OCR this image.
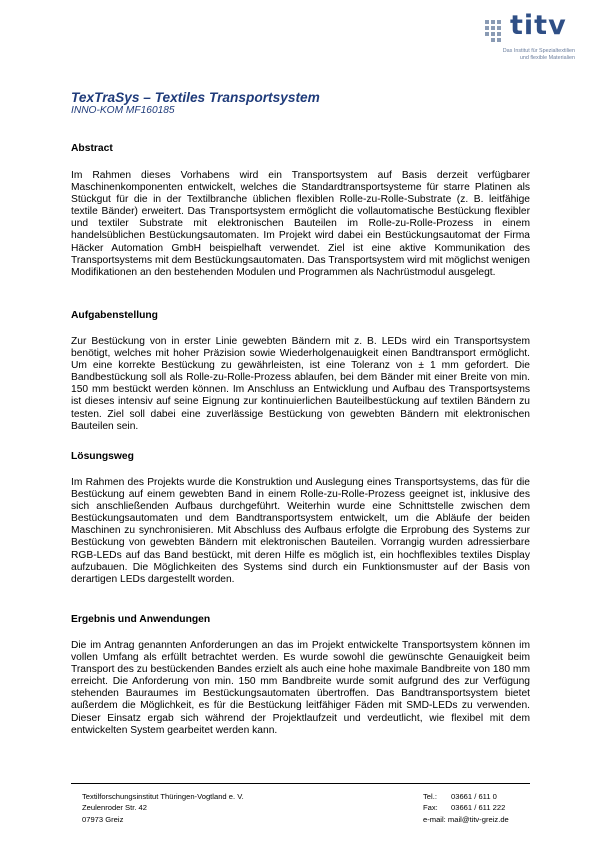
titv
Das Institut für Spezialtextilien
und flexible Materialien
TexTraSys – Textiles Transportsystem
INNO-KOM MF160185
Abstract
Im Rahmen dieses Vorhabens wird ein Transportsystem auf Basis derzeit verfügbarer Maschinenkomponenten entwickelt, welches die Standardtransportsysteme für starre Platinen als Stückgut für die in der Textilbranche üblichen flexiblen Rolle-zu-Rolle-Substrate (z. B. leitfähige textile Bänder) erweitert. Das Transportsystem ermöglicht die vollautomatische Bestückung flexibler und textiler Substrate mit elektronischen Bauteilen im Rolle-zu-Rolle-Prozess in einem handelsüblichen Bestückungsautomaten. Im Projekt wird dabei ein Bestückungsautomat der Firma Häcker Automation GmbH beispielhaft verwendet. Ziel ist eine aktive Kommunikation des Transportsystems mit dem Bestückungsautomaten. Das Transportsystem wird mit möglichst wenigen Modifikationen an den bestehenden Modulen und Programmen als Nachrüstmodul ausgelegt.
Aufgabenstellung
Zur Bestückung von in erster Linie gewebten Bändern mit z. B. LEDs wird ein Transportsystem benötigt, welches mit hoher Präzision sowie Wiederholgenauigkeit einen Bandtransport ermöglicht. Um eine korrekte Bestückung zu gewährleisten, ist eine Toleranz von ± 1 mm gefordert. Die Bandbestückung soll als Rolle-zu-Rolle-Prozess ablaufen, bei dem Bänder mit einer Breite von min. 150 mm bestückt werden können. Im Anschluss an Entwicklung und Aufbau des Transportsystems ist dieses intensiv auf seine Eignung zur kontinuierlichen Bauteilbestückung auf textilen Bändern zu testen. Ziel soll dabei eine zuverlässige Bestückung von gewebten Bändern mit elektronischen Bauteilen sein.
Lösungsweg
Im Rahmen des Projekts wurde die Konstruktion und Auslegung eines Transportsystems, das für die Bestückung auf einem gewebten Band in einem Rolle-zu-Rolle-Prozess geeignet ist, inklusive des sich anschließenden Aufbaus durchgeführt. Weiterhin wurde eine Schnittstelle zwischen dem Bestückungsautomaten und dem Bandtransportsystem entwickelt, um die Abläufe der beiden Maschinen zu synchronisieren. Mit Abschluss des Aufbaus erfolgte die Erprobung des Systems zur Bestückung von gewebten Bändern mit elektronischen Bauteilen. Vorrangig wurden adressierbare RGB-LEDs auf das Band bestückt, mit deren Hilfe es möglich ist, ein hochflexibles textiles Display aufzubauen. Die Möglichkeiten des Systems sind durch ein Funktionsmuster auf der Basis von derartigen LEDs dargestellt worden.
Ergebnis und Anwendungen
Die im Antrag genannten Anforderungen an das im Projekt entwickelte Transportsystem können im vollen Umfang als erfüllt betrachtet werden. Es wurde sowohl die gewünschte Genauigkeit beim Transport des zu bestückenden Bandes erzielt als auch eine hohe maximale Bandbreite von 180 mm erreicht. Die Anforderung von min. 150 mm Bandbreite wurde somit aufgrund des zur Verfügung stehenden Bauraumes im Bestückungsautomaten übertroffen. Das Bandtransportsystem bietet außerdem die Möglichkeit, es für die Bestückung leitfähiger Fäden mit SMD-LEDs zu verwenden. Dieser Einsatz ergab sich während der Projektlaufzeit und verdeutlicht, wie flexibel mit dem entwickelten System gearbeitet werden kann.
Textilforschungsinstitut Thüringen-Vogtland e. V.
Zeulenroder Str. 42
07973 Greiz
Tel.:	03661 / 611 0
Fax:	03661 / 611 222
e-mail: mail@titv-greiz.de
